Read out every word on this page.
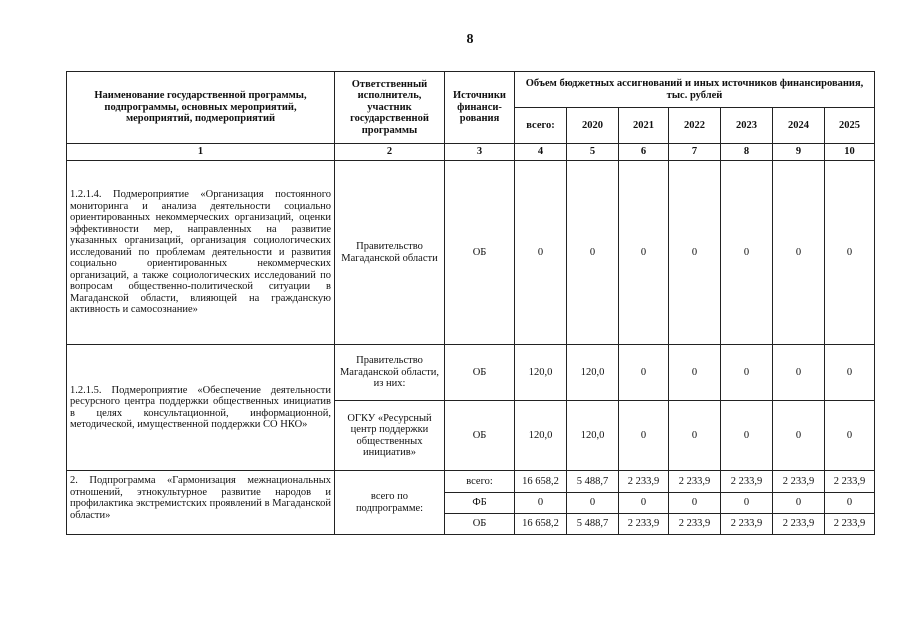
8
Наименование государственной программы, подпрограммы, основных мероприятий, мероприятий, подмероприятий	Ответственный исполнитель, участник государственной программы	Источники финанси-рования	Объем бюджетных ассигнований и иных источников финансирования, тыс. рублей						
			всего:	2020	2021	2022	2023	2024	2025
1	2	3	4	5	6	7	8	9	10
1.2.1.4. Подмероприятие «Организация постоянного мониторинга и анализа деятельности социально ориентированных некоммерческих организаций, оценки эффективности мер, направленных на развитие указанных организаций, организация социологических исследований по проблемам деятельности и развития социально ориентированных некоммерческих организаций, а также социологических исследований по вопросам общественно-политической ситуации в Магаданской области, влияющей на гражданскую активность и самосознание»	Правительство Магаданской области	ОБ	0	0	0	0	0	0	0
1.2.1.5. Подмероприятие «Обеспечение деятельности ресурсного центра поддержки общественных инициатив в целях консультационной, информационной, методической, имущественной поддержки СО НКО»	Правительство Магаданской области, из них:	ОБ	120,0	120,0	0	0	0	0	0
	ОГКУ «Ресурсный центр поддержки общественных инициатив»	ОБ	120,0	120,0	0	0	0	0	0
2. Подпрограмма «Гармонизация межнациональных отношений, этнокультурное развитие народов и профилактика экстремистских проявлений в Магаданской области»	всего по подпрограмме:	всего:	16 658,2	5 488,7	2 233,9	2 233,9	2 233,9	2 233,9	2 233,9
		ФБ	0	0	0	0	0	0	0
		ОБ	16 658,2	5 488,7	2 233,9	2 233,9	2 233,9	2 233,9	2 233,9
